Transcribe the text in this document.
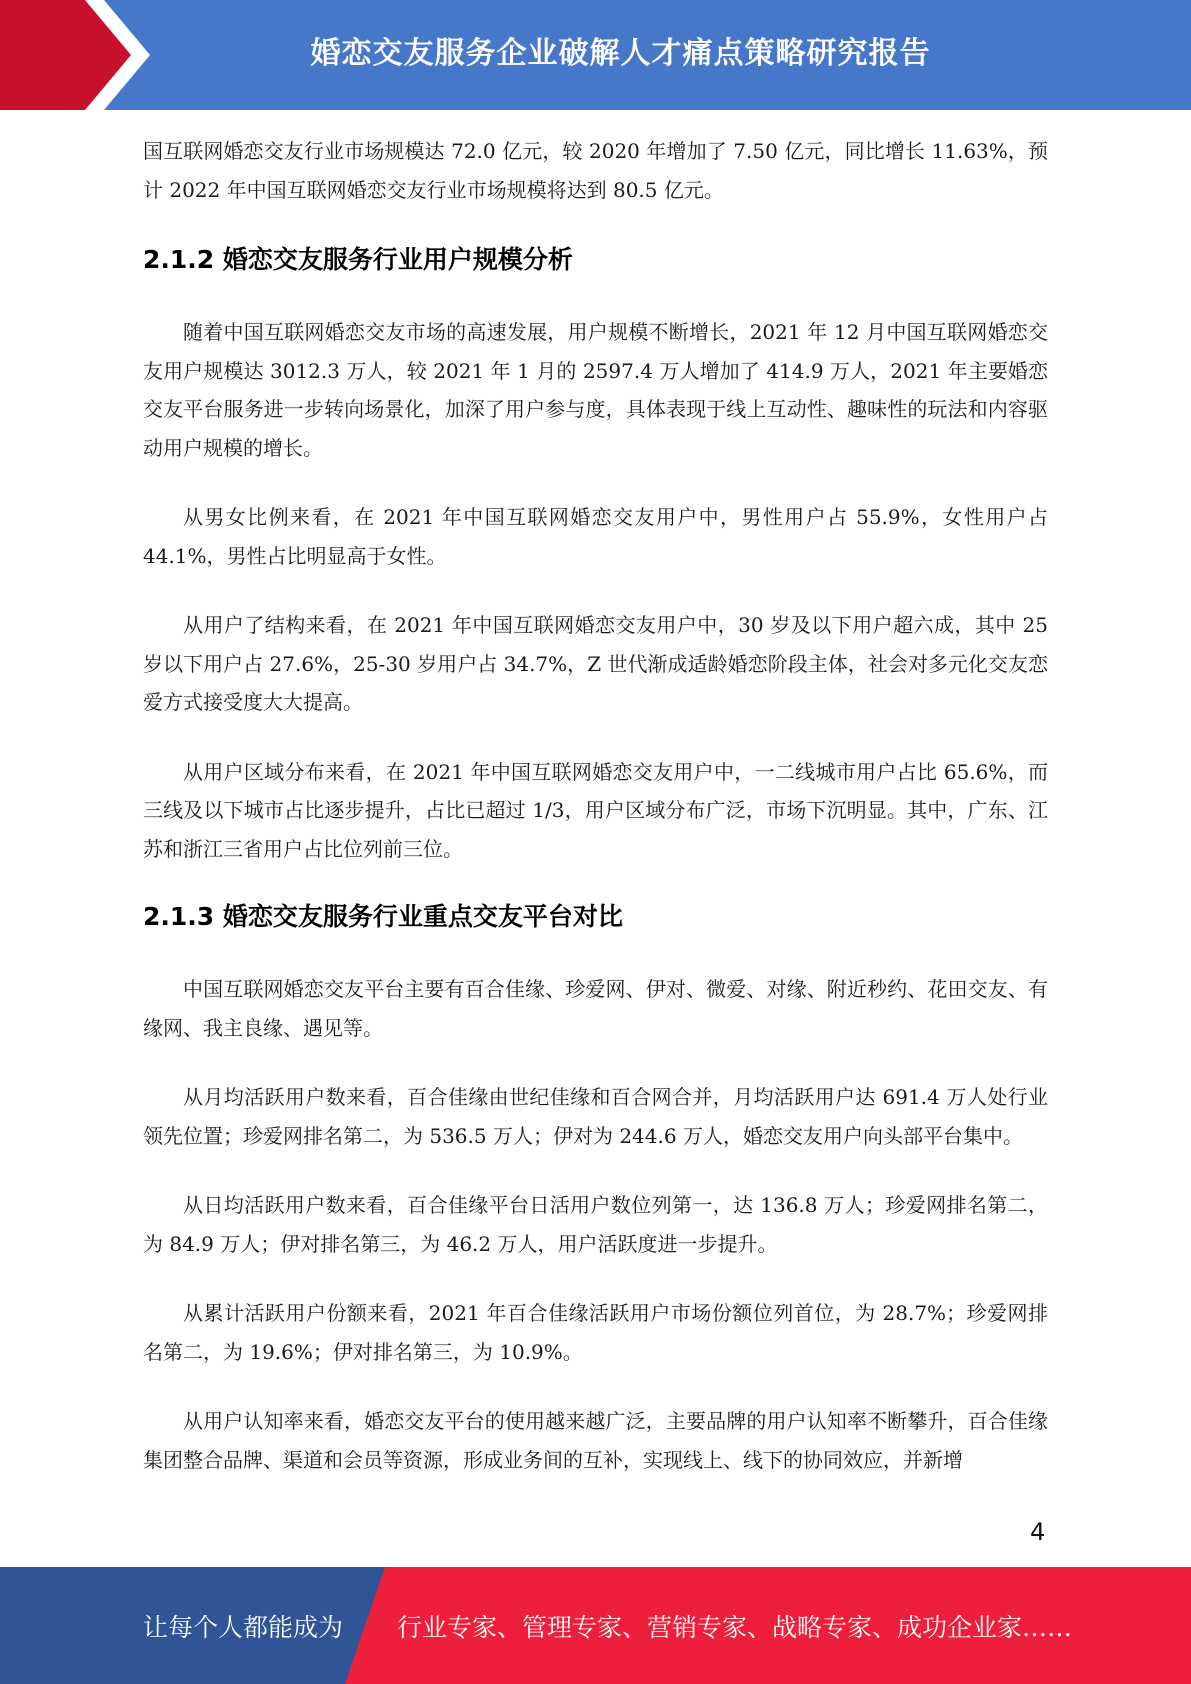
婚恋交友服务企业破解人才痛点策略研究报告

国互联网婚恋交友行业市场规模达 72.0 亿元，较 2020 年增加了 7.50 亿元，同比增长 11.63%，预计 2022 年中国互联网婚恋交友行业市场规模将达到 80.5 亿元。

2.1.2 婚恋交友服务行业用户规模分析

随着中国互联网婚恋交友市场的高速发展，用户规模不断增长，2021 年 12 月中国互联网婚恋交友用户规模达 3012.3 万人，较 2021 年 1 月的 2597.4 万人增加了 414.9 万人，2021 年主要婚恋交友平台服务进一步转向场景化，加深了用户参与度，具体表现于线上互动性、趣味性的玩法和内容驱动用户规模的增长。

从男女比例来看，在 2021 年中国互联网婚恋交友用户中，男性用户占 55.9%，女性用户占 44.1%，男性占比明显高于女性。

从用户了结构来看，在 2021 年中国互联网婚恋交友用户中，30 岁及以下用户超六成，其中 25 岁以下用户占 27.6%，25-30 岁用户占 34.7%，Z 世代渐成适龄婚恋阶段主体，社会对多元化交友恋爱方式接受度大大提高。

从用户区域分布来看，在 2021 年中国互联网婚恋交友用户中，一二线城市用户占比 65.6%，而三线及以下城市占比逐步提升，占比已超过 1/3，用户区域分布广泛，市场下沉明显。其中，广东、江苏和浙江三省用户占比位列前三位。

2.1.3 婚恋交友服务行业重点交友平台对比

中国互联网婚恋交友平台主要有百合佳缘、珍爱网、伊对、微爱、对缘、附近秒约、花田交友、有缘网、我主良缘、遇见等。

从月均活跃用户数来看，百合佳缘由世纪佳缘和百合网合并，月均活跃用户达 691.4 万人处行业领先位置；珍爱网排名第二，为 536.5 万人；伊对为 244.6 万人，婚恋交友用户向头部平台集中。

从日均活跃用户数来看，百合佳缘平台日活用户数位列第一，达 136.8 万人；珍爱网排名第二，为 84.9 万人；伊对排名第三，为 46.2 万人，用户活跃度进一步提升。

从累计活跃用户份额来看，2021 年百合佳缘活跃用户市场份额位列首位，为 28.7%；珍爱网排名第二，为 19.6%；伊对排名第三，为 10.9%。

从用户认知率来看，婚恋交友平台的使用越来越广泛，主要品牌的用户认知率不断攀升，百合佳缘集团整合品牌、渠道和会员等资源，形成业务间的互补，实现线上、线下的协同效应，并新增

4
让每个人都能成为 行业专家、管理专家、营销专家、战略专家、成功企业家……
